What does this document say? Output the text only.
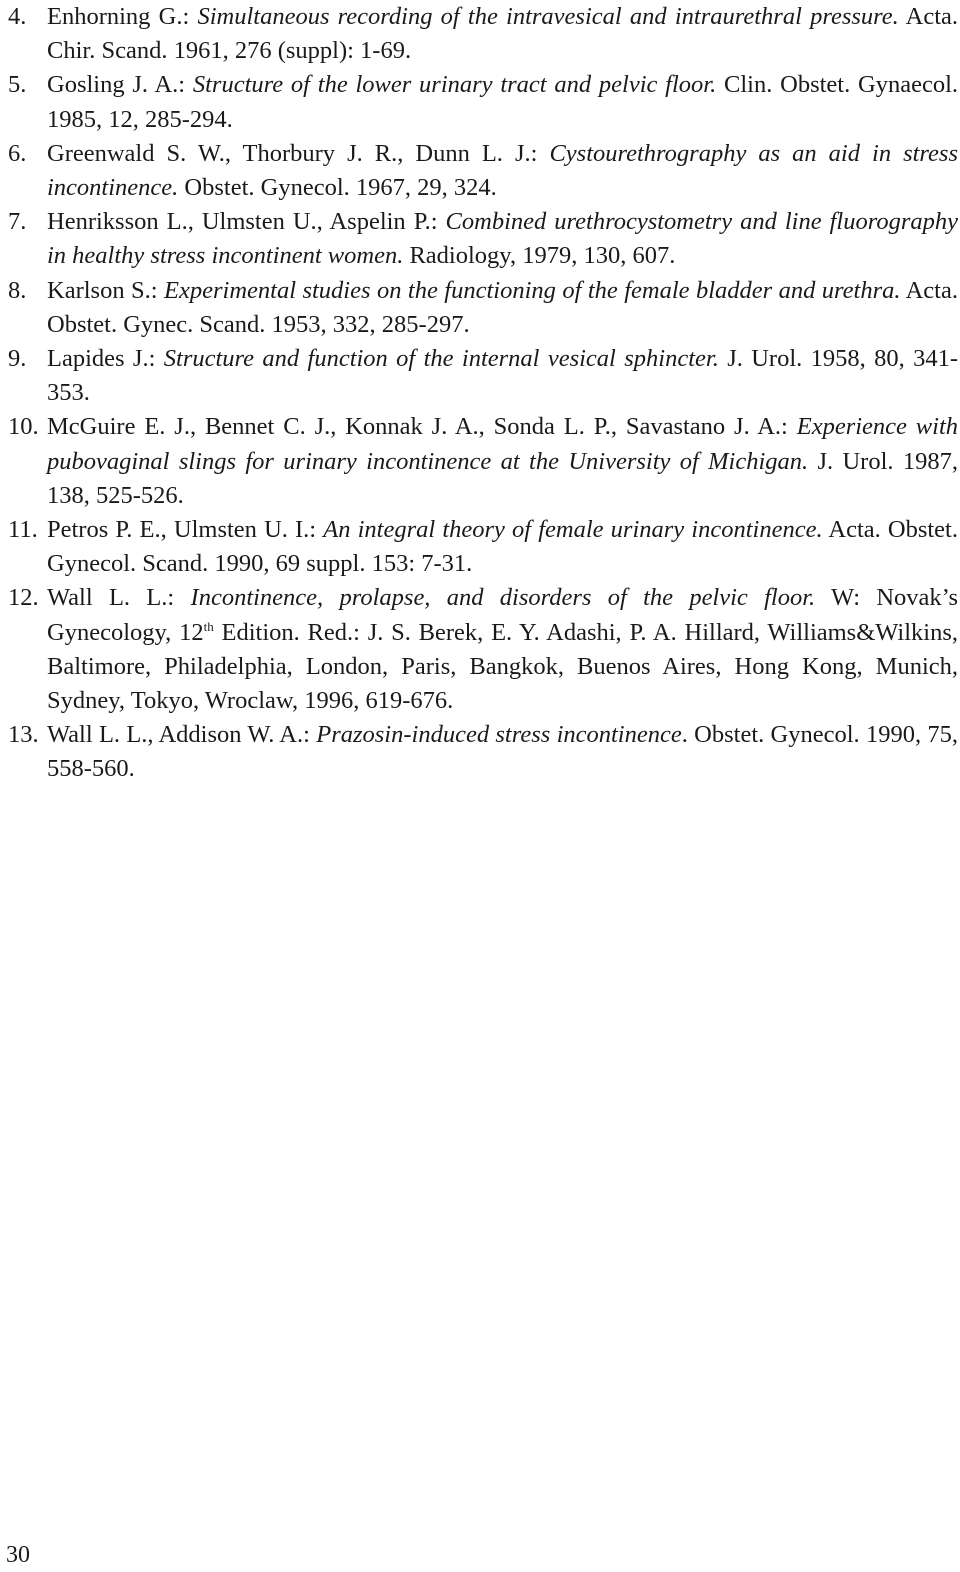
4. Enhorning G.: Simultaneous recording of the intravesical and intraurethral pressure. Acta. Chir. Scand. 1961, 276 (suppl): 1-69.
5. Gosling J. A.: Structure of the lower urinary tract and pelvic floor. Clin. Obstet. Gynaecol. 1985, 12, 285-294.
6. Greenwald S. W., Thorbury J. R., Dunn L. J.: Cystourethrography as an aid in stress incontinence. Obstet. Gynecol. 1967, 29, 324.
7. Henriksson L., Ulmsten U., Aspelin P.: Combined urethrocystometry and line fluorography in healthy stress incontinent women. Radiology, 1979, 130, 607.
8. Karlson S.: Experimental studies on the functioning of the female bladder and urethra. Acta. Obstet. Gynec. Scand. 1953, 332, 285-297.
9. Lapides J.: Structure and function of the internal vesical sphincter. J. Urol. 1958, 80, 341-353.
10. McGuire E. J., Bennet C. J., Konnak J. A., Sonda L. P., Savastano J. A.: Experience with pubovaginal slings for urinary incontinence at the University of Michigan. J. Urol. 1987, 138, 525-526.
11. Petros P. E., Ulmsten U. I.: An integral theory of female urinary incontinence. Acta. Obstet. Gynecol. Scand. 1990, 69 suppl. 153: 7-31.
12. Wall L. L.: Incontinence, prolapse, and disorders of the pelvic floor. W: Novak’s Gynecology, 12th Edition. Red.: J. S. Berek, E. Y. Adashi, P. A. Hillard, Williams&Wilkins, Baltimore, Philadelphia, London, Paris, Bangkok, Buenos Aires, Hong Kong, Munich, Sydney, Tokyo, Wroclaw, 1996, 619-676.
13. Wall L. L., Addison W. A.: Prazosin-induced stress incontinence. Obstet. Gynecol. 1990, 75, 558-560.
30
